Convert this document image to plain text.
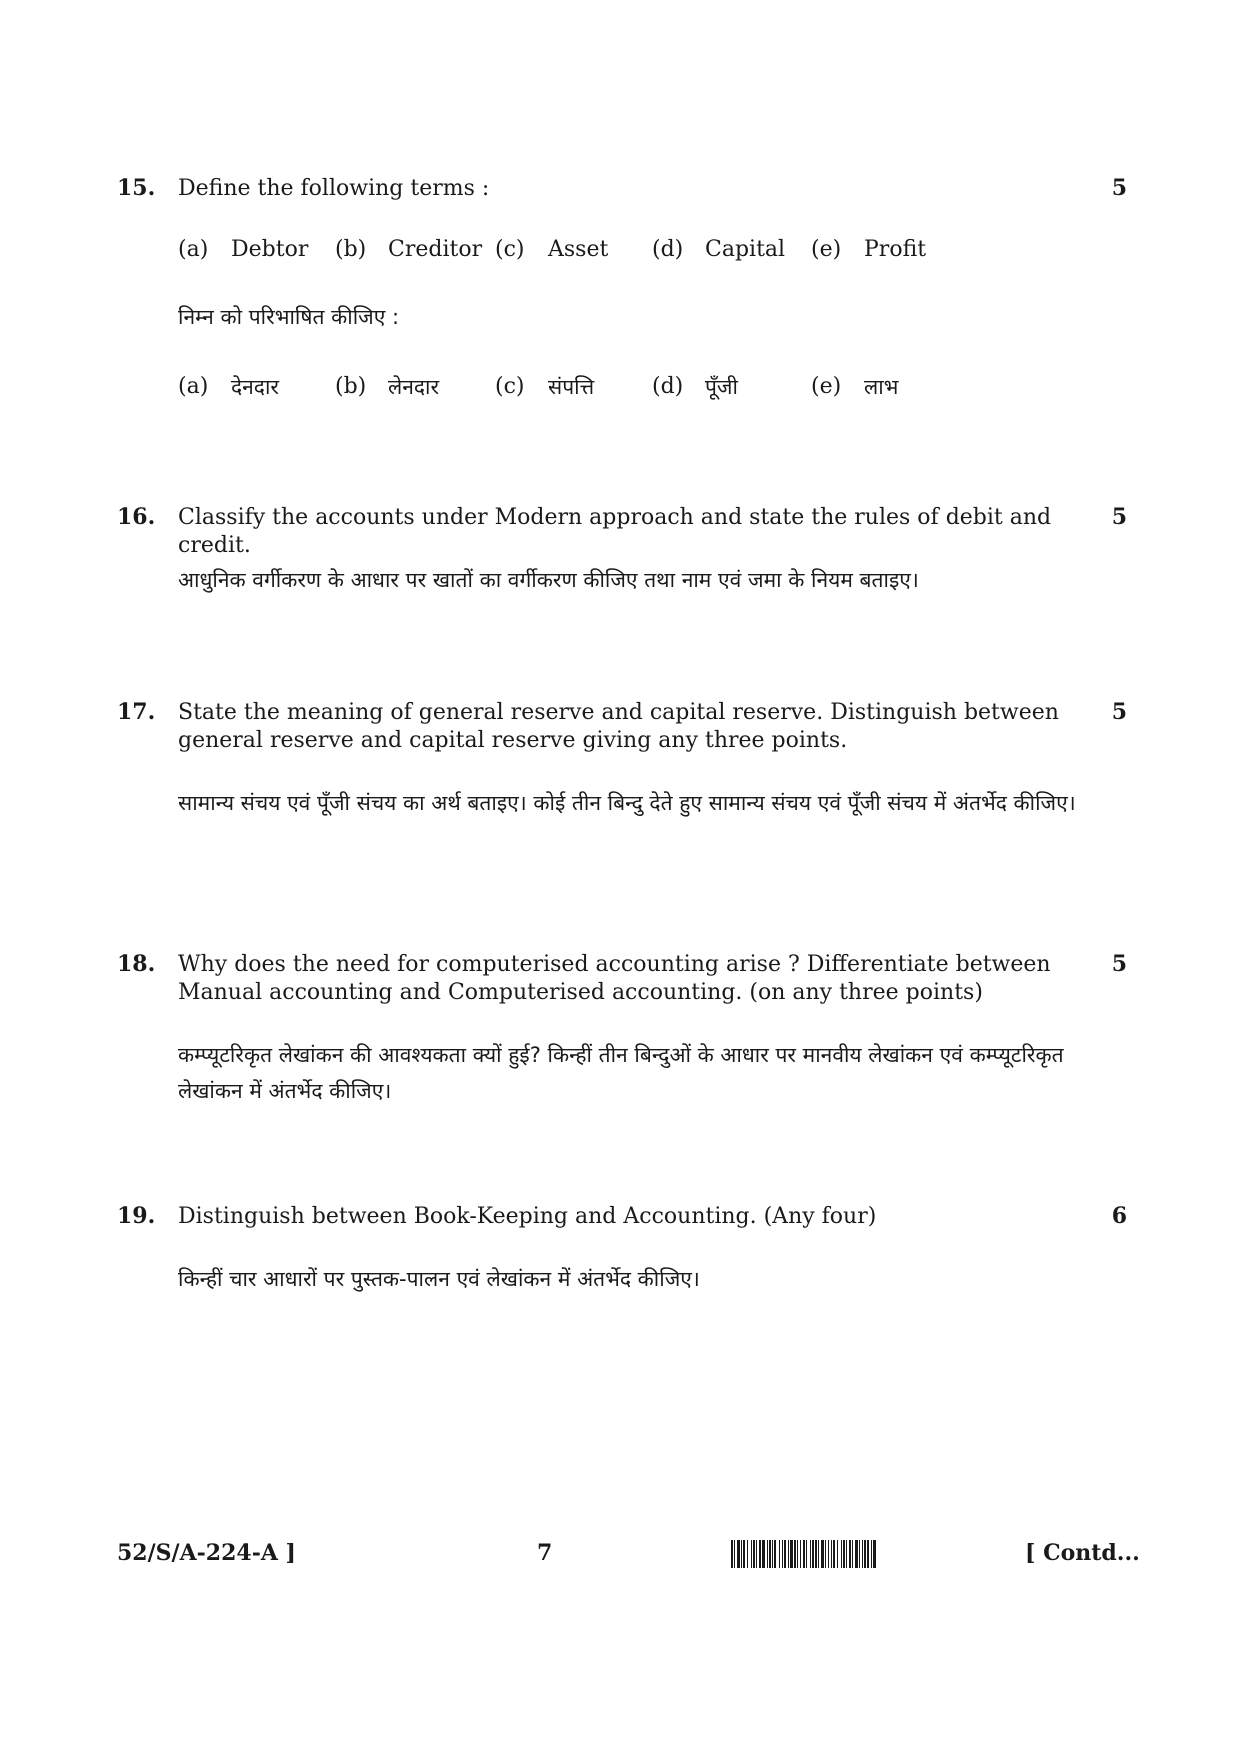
15.	5
Define the following terms :
(a) Debtor (b) Creditor (c) Asset (d) Capital (e) Profit
निम्न को परिभाषित कीजिए :
(a) देनदार	(b) लेनदार	(c) संपत्ति	(d) पूँजी	(e) लाभ
16.	5
Classify the accounts under Modern approach and state the rules of debit and credit.
आधुनिक वर्गीकरण के आधार पर खातों का वर्गीकरण कीजिए तथा नाम एवं जमा के नियम बताइए।
17.	5
State the meaning of general reserve and capital reserve. Distinguish between general reserve and capital reserve giving any three points.
सामान्य संचय एवं पूँजी संचय का अर्थ बताइए। कोई तीन बिन्दु देते हुए सामान्य संचय एवं पूँजी संचय में अंतर्भेद कीजिए।
18.	5
Why does the need for computerised accounting arise ? Differentiate between Manual accounting and Computerised accounting. (on any three points)
कम्प्यूटरिकृत लेखांकन की आवश्यकता क्यों हुई? किन्हीं तीन बिन्दुओं के आधार पर मानवीय लेखांकन एवं कम्प्यूटरिकृत लेखांकन में अंतर्भेद कीजिए।
19.	6
Distinguish between Book-Keeping and Accounting. (Any four)
किन्हीं चार आधारों पर पुस्तक-पालन एवं लेखांकन में अंतर्भेद कीजिए।
52/S/A-224-A ]	7	[ Contd...
